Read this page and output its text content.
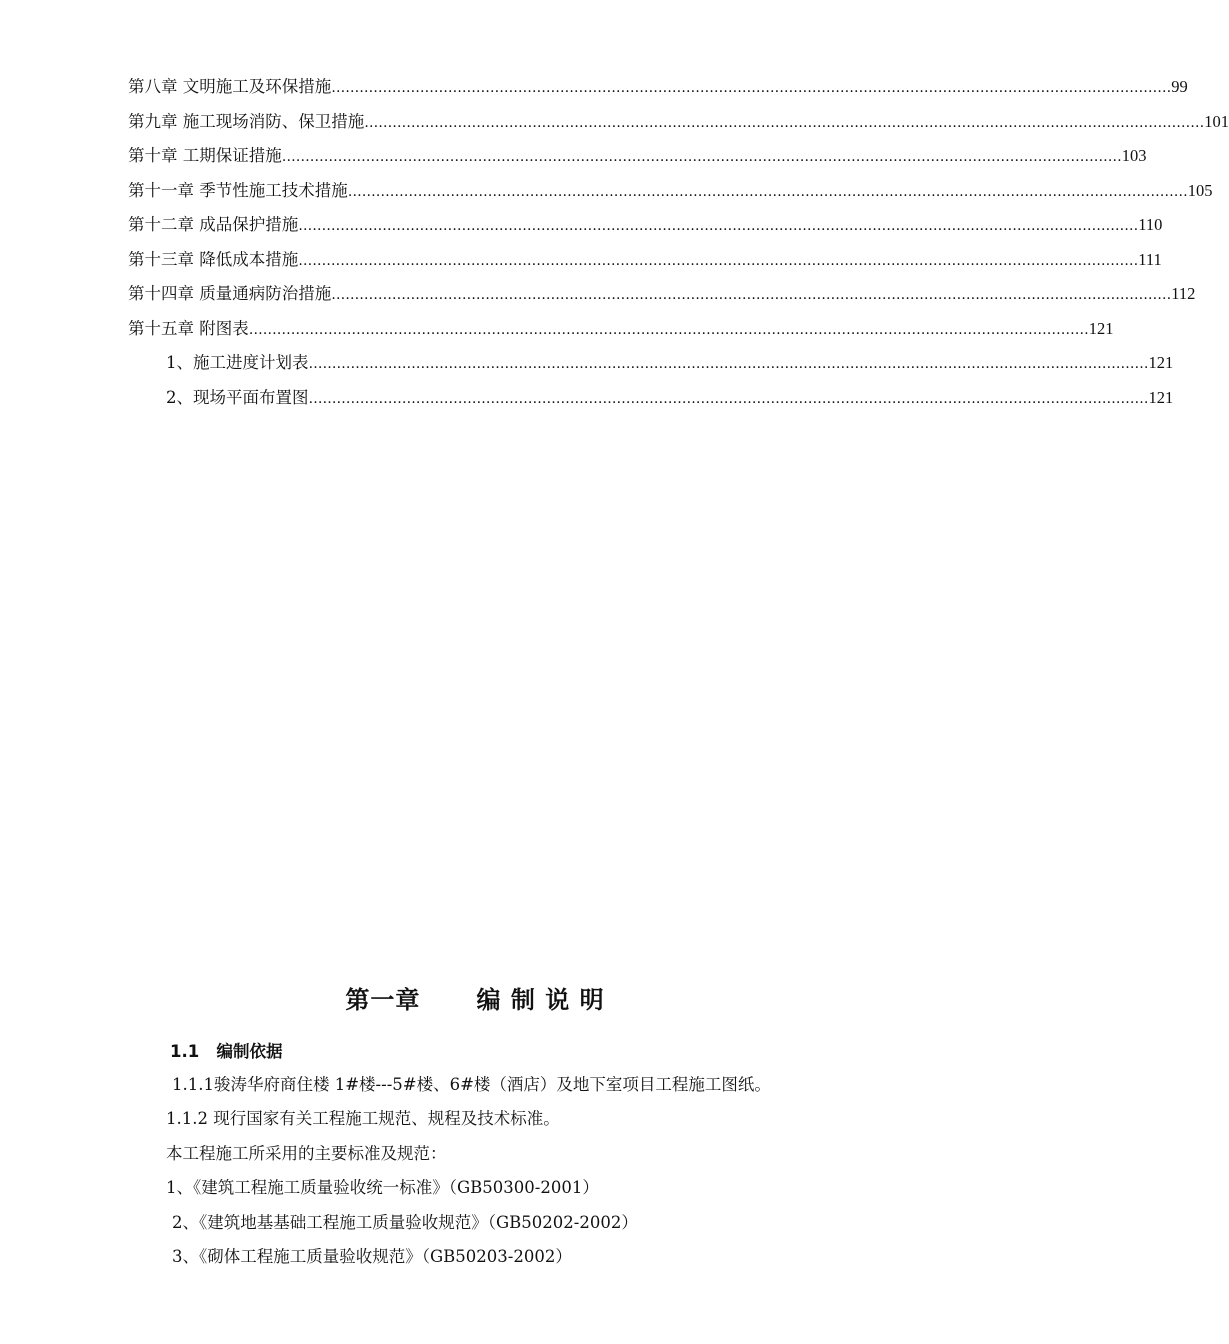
第八章 文明施工及环保措施 ……………………………………………………………………………………………………………………………………………………………… 99
第九章 施工现场消防、保卫措施 ……………………………………………………………………………………………………………………………………………………………… 101
第十章 工期保证措施 ……………………………………………………………………………………………………………………………………………………………… 103
第十一章 季节性施工技术措施 ……………………………………………………………………………………………………………………………………………………………… 105
第十二章 成品保护措施 ……………………………………………………………………………………………………………………………………………………………… 110
第十三章 降低成本措施 ……………………………………………………………………………………………………………………………………………………………… 111
第十四章 质量通病防治措施 ……………………………………………………………………………………………………………………………………………………………… 112
第十五章 附图表 ……………………………………………………………………………………………………………………………………………………………… 121
1、施工进度计划表 ……………………………………………………………………………………………………………………………………………………………… 121
2、现场平面布置图 ……………………………………………………………………………………………………………………………………………………………… 121
第一章      编 制 说 明
1.1   编制依据
1.1.1骏涛华府商住楼 1#楼---5#楼、6#楼（酒店）及地下室项目工程施工图纸。
1.1.2 现行国家有关工程施工规范、规程及技术标准。
本工程施工所采用的主要标准及规范：
1、《建筑工程施工质量验收统一标准》（GB50300-2001）
2、《建筑地基基础工程施工质量验收规范》（GB50202-2002）
3、《砌体工程施工质量验收规范》（GB50203-2002）
